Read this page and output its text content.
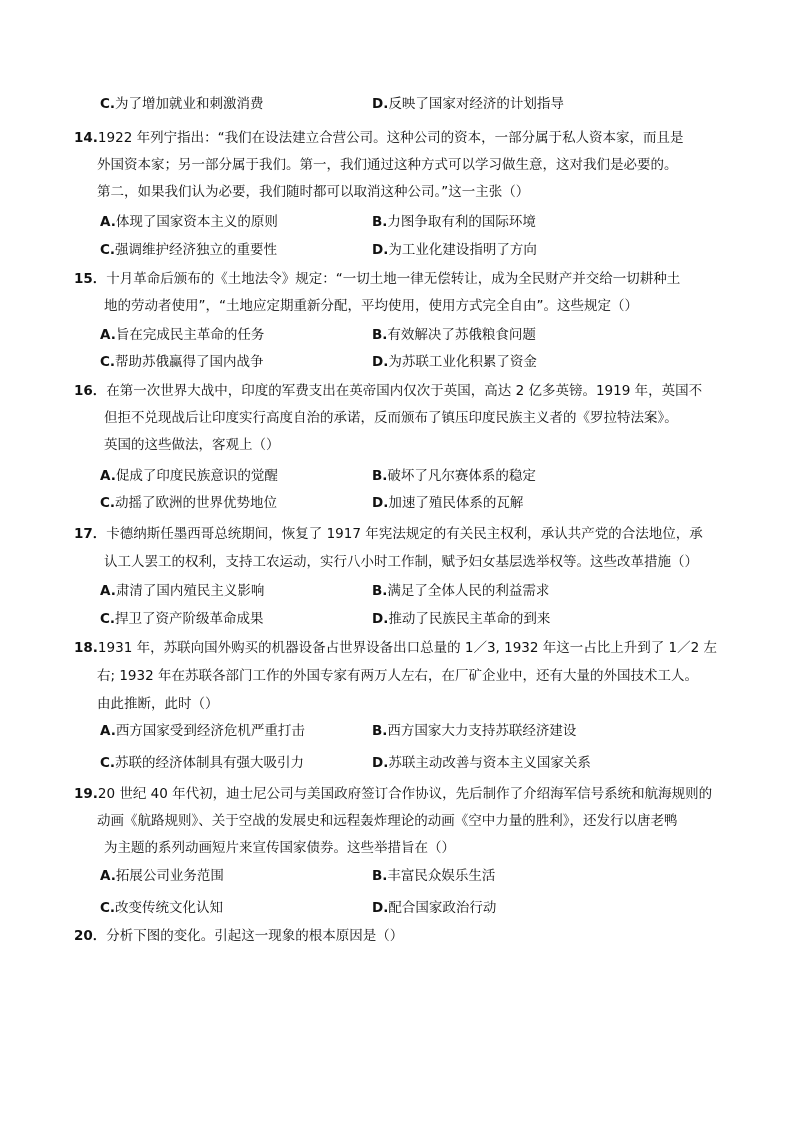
C.为了增加就业和刺激消费	D.反映了国家对经济的计划指导
14.1922 年列宁指出：“我们在设法建立合营公司。这种公司的资本，一部分属于私人资本家，而且是
外国资本家；另一部分属于我们。第一，我们通过这种方式可以学习做生意，这对我们是必要的。
第二，如果我们认为必要，我们随时都可以取消这种公司。”这一主张（）
A.体现了国家资本主义的原则	B.力图争取有利的国际环境
C.强调维护经济独立的重要性	D.为工业化建设指明了方向
15．十月革命后颁布的《土地法令》规定：“一切土地一律无偿转让，成为全民财产并交给一切耕种土
地的劳动者使用”，“土地应定期重新分配，平均使用，使用方式完全自由”。这些规定（）
A.旨在完成民主革命的任务	B.有效解决了苏俄粮食问题
C.帮助苏俄赢得了国内战争	D.为苏联工业化积累了资金
16．在第一次世界大战中，印度的军费支出在英帝国内仅次于英国，高达 2 亿多英镑。1919 年，英国不
但拒不兑现战后让印度实行高度自治的承诺，反而颁布了镇压印度民族主义者的《罗拉特法案》。
英国的这些做法，客观上（）
A.促成了印度民族意识的觉醒	B.破坏了凡尔赛体系的稳定
C.动摇了欧洲的世界优势地位	D.加速了殖民体系的瓦解
17．卡德纳斯任墨西哥总统期间，恢复了 1917 年宪法规定的有关民主权利，承认共产党的合法地位，承
认工人罢工的权利，支持工农运动，实行八小时工作制，赋予妇女基层选举权等。这些改革措施（）
A.肃清了国内殖民主义影响	B.满足了全体人民的利益需求
C.捍卫了资产阶级革命成果	D.推动了民族民主革命的到来
18.1931 年，苏联向国外购买的机器设备占世界设备出口总量的 1／3, 1932 年这一占比上升到了 1／2 左
右; 1932 年在苏联各部门工作的外国专家有两万人左右，在厂矿企业中，还有大量的外国技术工人。
由此推断，此时（）
A.西方国家受到经济危机严重打击	B.西方国家大力支持苏联经济建设
C.苏联的经济体制具有强大吸引力	D.苏联主动改善与资本主义国家关系
19.20 世纪 40 年代初，迪士尼公司与美国政府签订合作协议，先后制作了介绍海军信号系统和航海规则的
动画《航路规则》、关于空战的发展史和远程轰炸理论的动画《空中力量的胜利》，还发行以唐老鸭
为主题的系列动画短片来宣传国家债券。这些举措旨在（）
A.拓展公司业务范围	B.丰富民众娱乐生活
C.改变传统文化认知	D.配合国家政治行动
20．分析下图的变化。引起这一现象的根本原因是（）
